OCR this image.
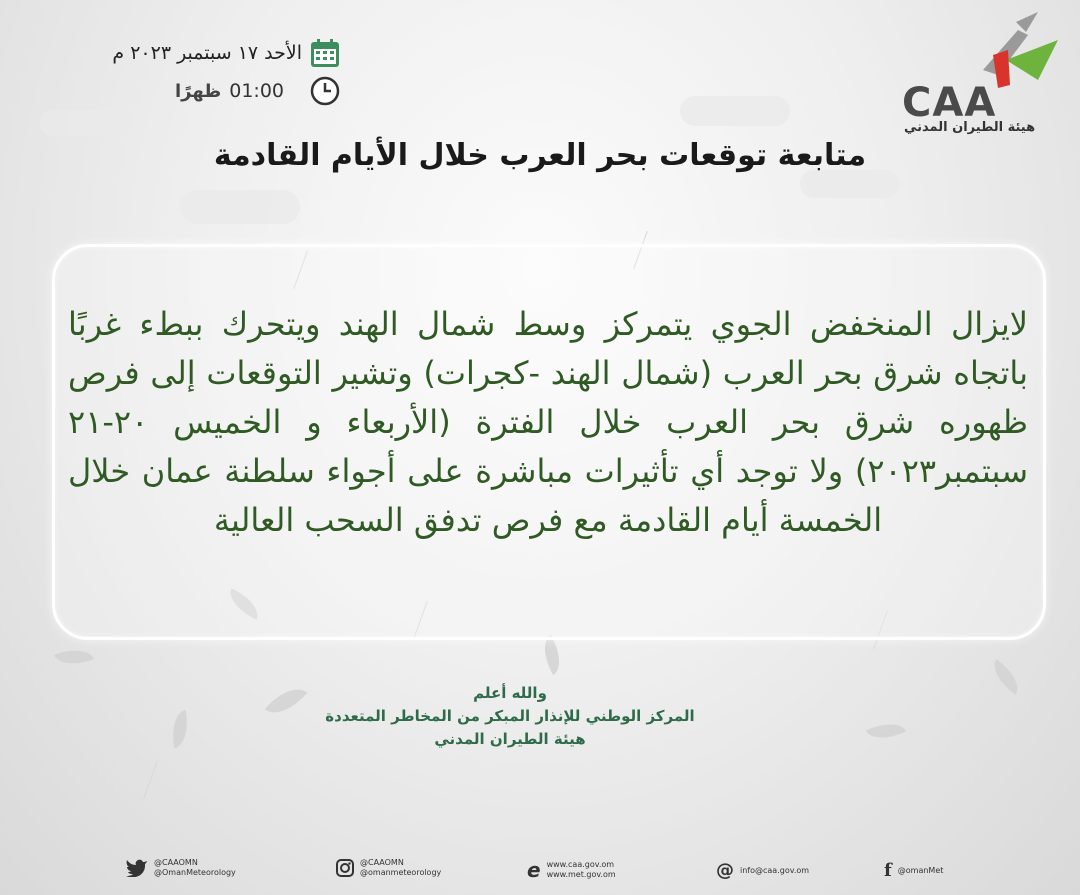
CAA
هيئة الطيران المدني
الأحد ١٧ سبتمبر ٢٠٢٣ م
01:00
ظهرًا
متابعة توقعات بحر العرب خلال الأيام القادمة
لايزال المنخفض الجوي يتمركز وسط شمال الهند ويتحرك ببطء غربًا باتجاه شرق بحر العرب (شمال الهند -كجرات) وتشير التوقعات إلى فرص ظهوره شرق بحر العرب خلال الفترة (الأربعاء و الخميس ٢٠-٢١ سبتمبر٢٠٢٣) ولا توجد أي تأثيرات مباشرة على أجواء سلطنة عمان خلال الخمسة أيام القادمة مع فرص تدفق السحب العالية
والله أعلم
المركز الوطني للإنذار المبكر من المخاطر المتعددة
هيئة الطيران المدني
@CAAOMN
@OmanMeteorology
@CAAOMN
@omanmeteorology	e www.caa.gov.om
www.met.gov.om	@ info@caa.gov.om	f @omanMet
